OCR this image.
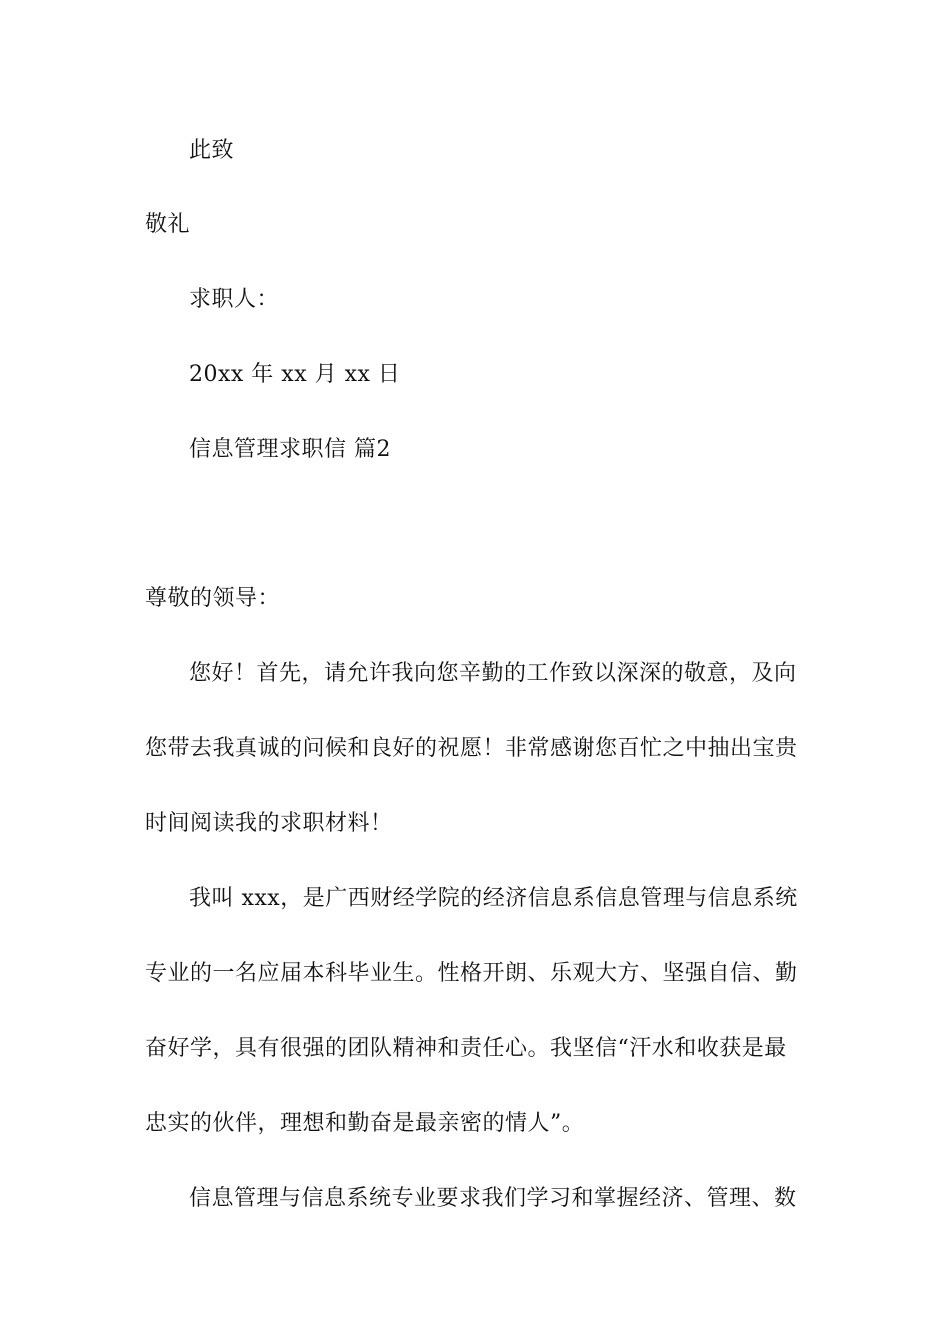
此致
敬礼
求职人：
20xx 年 xx 月 xx 日
信息管理求职信 篇2
尊敬的领导：
您好！首先，请允许我向您辛勤的工作致以深深的敬意，及向
您带去我真诚的问候和良好的祝愿！非常感谢您百忙之中抽出宝贵
时间阅读我的求职材料！
我叫 xxx，是广西财经学院的经济信息系信息管理与信息系统
专业的一名应届本科毕业生。性格开朗、乐观大方、坚强自信、勤
奋好学，具有很强的团队精神和责任心。我坚信“汗水和收获是最
忠实的伙伴，理想和勤奋是最亲密的情人”。
信息管理与信息系统专业要求我们学习和掌握经济、管理、数
